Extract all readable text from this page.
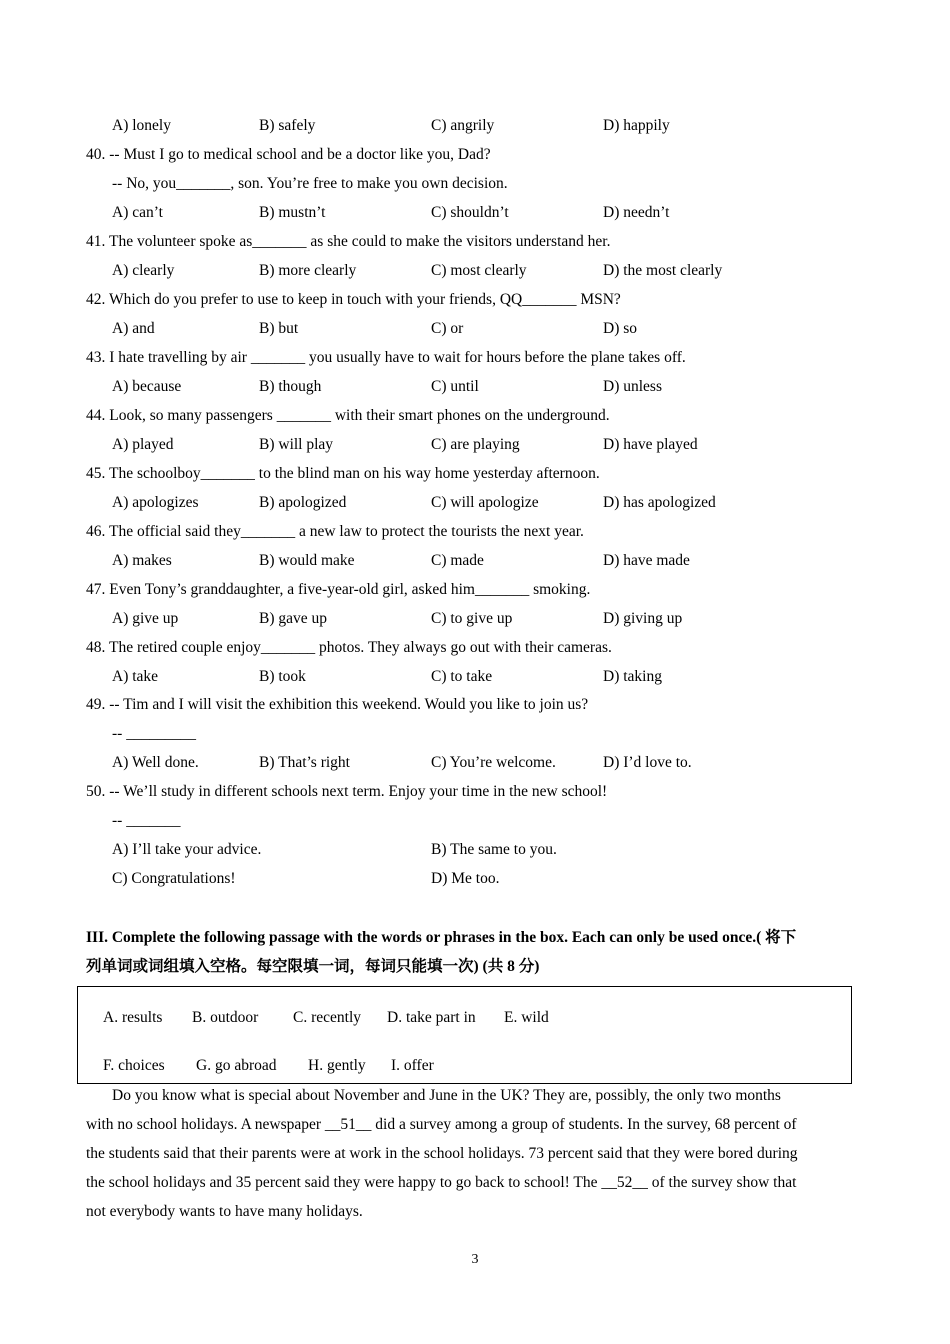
A) lonely	B) safely	C) angrily	D) happily
40. -- Must I go to medical school and be a doctor like you, Dad?
-- No, you_______, son. You’re free to make you own decision.
A) can’t	B) mustn’t	C) shouldn’t	D) needn’t
41. The volunteer spoke as_______ as she could to make the visitors understand her.
A) clearly	B) more clearly	C) most clearly	D) the most clearly
42. Which do you prefer to use to keep in touch with your friends, QQ_______ MSN?
A) and	B) but	C) or	D) so
43. I hate travelling by air _______ you usually have to wait for hours before the plane takes off.
A) because	B) though	C) until	D) unless
44. Look, so many passengers _______ with their smart phones on the underground.
A) played	B) will play	C) are playing	D) have played
45. The schoolboy_______ to the blind man on his way home yesterday afternoon.
A) apologizes	B) apologized	C) will apologize	D) has apologized
46. The official said they_______ a new law to protect the tourists the next year.
A) makes	B) would make	C) made	D) have made
47. Even Tony’s granddaughter, a five-year-old girl, asked him_______ smoking.
A) give up	B) gave up	C) to give up	D) giving up
48. The retired couple enjoy_______ photos. They always go out with their cameras.
A) take	B) took	C) to take	D) taking
49. -- Tim and I will visit the exhibition this weekend. Would you like to join us?
-- _________
A) Well done.	B) That’s right	C) You’re welcome.	D) I’d love to.
50. -- We’ll study in different schools next term. Enjoy your time in the new school!
-- _______
A) I’ll take your advice.	B) The same to you.
C) Congratulations!	D) Me too.
III. Complete the following passage with the words or phrases in the box. Each can only be used once.( 将下
列单词或词组填入空格。每空限填一词，每词只能填一次) (共 8 分)
A. results B. outdoor C. recently D. take part in E. wild
F. choices G. go abroad H. gently I. offer
Do you know what is special about November and June in the UK? They are, possibly, the only two months
with no school holidays. A newspaper __51__ did a survey among a group of students. In the survey, 68 percent of
the students said that their parents were at work in the school holidays. 73 percent said that they were bored during
the school holidays and 35 percent said they were happy to go back to school! The __52__ of the survey show that
not everybody wants to have many holidays.
3
